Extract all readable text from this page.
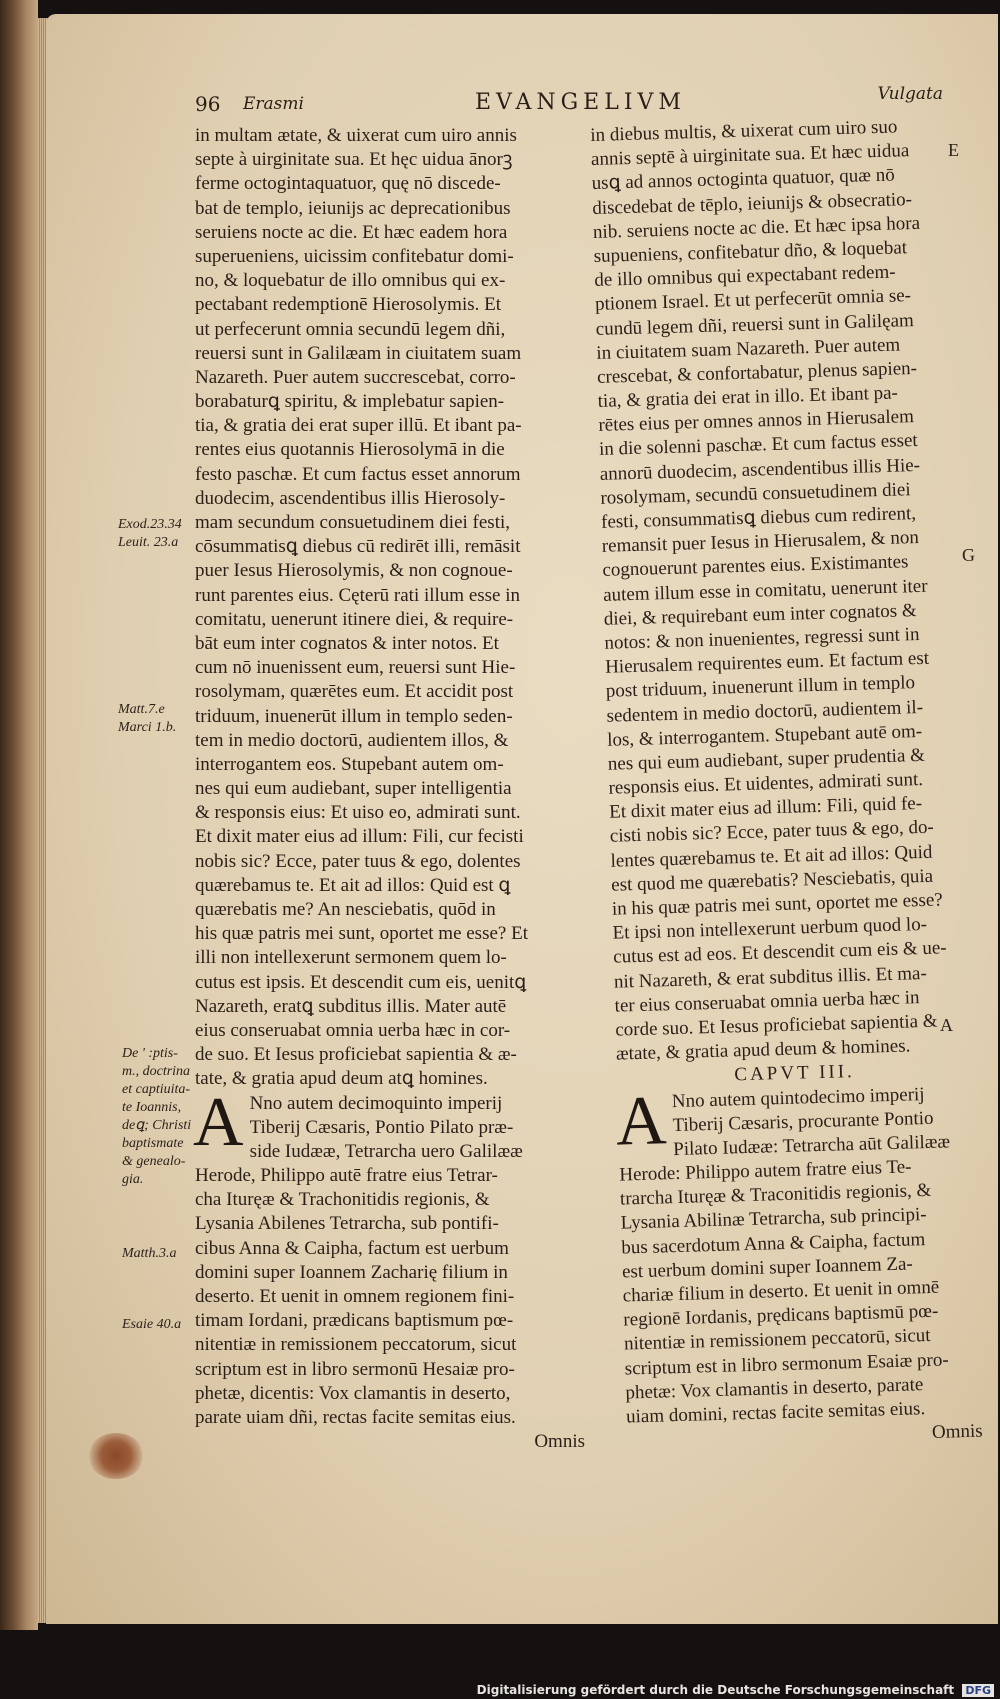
96 Erasmi	EVANGELIVM	Vulgata
in multam ætate, & uixerat cum uiro annis
septe à uirginitate sua. Et hęc uidua ānorꝫ
ferme octogintaquatuor, quę nō discede-
bat de templo, ieiunijs ac deprecationibus
seruiens nocte ac die. Et hæc eadem hora
superueniens, uicissim confitebatur domi-
no, & loquebatur de illo omnibus qui ex-
pectabant redemptionē Hierosolymis. Et
ut perfecerunt omnia secundū legem dñi,
reuersi sunt in Galilæam in ciuitatem suam
Nazareth. Puer autem succrescebat, corro-
borabaturꝗ spiritu, & implebatur sapien-
tia, & gratia dei erat super illū. Et ibant pa-
rentes eius quotannis Hierosolymā in die
festo paschæ. Et cum factus esset annorum
duodecim, ascendentibus illis Hierosoly-
mam secundum consuetudinem diei festi,
cōsummatisꝗ diebus cū redirēt illi, remāsit
puer Iesus Hierosolymis, & non cognoue-
runt parentes eius. Cęterū rati illum esse in
comitatu, uenerunt itinere diei, & require-
bāt eum inter cognatos & inter notos. Et
cum nō inuenissent eum, reuersi sunt Hie-
rosolymam, quærētes eum. Et accidit post
triduum, inuenerūt illum in templo seden-
tem in medio doctorū, audientem illos, &
interrogantem eos. Stupebant autem om-
nes qui eum audiebant, super intelligentia
& responsis eius: Et uiso eo, admirati sunt.
Et dixit mater eius ad illum: Fili, cur fecisti
nobis sic? Ecce, pater tuus & ego, dolentes
quærebamus te. Et ait ad illos: Quid est ꝗ
quærebatis me? An nesciebatis, quōd in
his quæ patris mei sunt, oportet me esse? Et
illi non intellexerunt sermonem quem lo-
cutus est ipsis. Et descendit cum eis, uenitꝗ
Nazareth, eratꝗ subditus illis. Mater autē
eius conseruabat omnia uerba hæc in cor-
de suo. Et Iesus proficiebat sapientia & æ-
tate, & gratia apud deum atꝗ homines.
A Nno autem decimoquinto imperij
Tiberij Cæsaris, Pontio Pilato præ-
side Iudææ, Tetrarcha uero Galilææ
Herode, Philippo autē fratre eius Tetrar-
cha Ituręæ & Trachonitidis regionis, &
Lysania Abilenes Tetrarcha, sub pontifi-
cibus Anna & Caipha, factum est uerbum
domini super Ioannem Zacharię filium in
deserto. Et uenit in omnem regionem fini-
timam Iordani, prædicans baptismum pœ-
nitentiæ in remissionem peccatorum, sicut
scriptum est in libro sermonū Hesaiæ pro-
phetæ, dicentis: Vox clamantis in deserto,
parate uiam dñi, rectas facite semitas eius.
Omnis
in diebus multis, & uixerat cum uiro suo
annis septē à uirginitate sua. Et hæc uidua
usꝗ ad annos octoginta quatuor, quæ nō
discedebat de tēplo, ieiunijs & obsecratio-
nib. seruiens nocte ac die. Et hæc ipsa hora
supueniens, confitebatur dño, & loquebat
de illo omnibus qui expectabant redem-
ptionem Israel. Et ut perfecerūt omnia se-
cundū legem dñi, reuersi sunt in Galilęam
in ciuitatem suam Nazareth. Puer autem
crescebat, & confortabatur, plenus sapien-
tia, & gratia dei erat in illo. Et ibant pa-
rētes eius per omnes annos in Hierusalem
in die solenni paschæ. Et cum factus esset
annorū duodecim, ascendentibus illis Hie-
rosolymam, secundū consuetudinem diei
festi, consummatisꝗ diebus cum redirent,
remansit puer Iesus in Hierusalem, & non
cognouerunt parentes eius. Existimantes
autem illum esse in comitatu, uenerunt iter
diei, & requirebant eum inter cognatos &
notos: & non inuenientes, regressi sunt in
Hierusalem requirentes eum. Et factum est
post triduum, inuenerunt illum in templo
sedentem in medio doctorū, audientem il-
los, & interrogantem. Stupebant autē om-
nes qui eum audiebant, super prudentia &
responsis eius. Et uidentes, admirati sunt.
Et dixit mater eius ad illum: Fili, quid fe-
cisti nobis sic? Ecce, pater tuus & ego, do-
lentes quærebamus te. Et ait ad illos: Quid
est quod me quærebatis? Nesciebatis, quia
in his quæ patris mei sunt, oportet me esse?
Et ipsi non intellexerunt uerbum quod lo-
cutus est ad eos. Et descendit cum eis & ue-
nit Nazareth, & erat subditus illis. Et ma-
ter eius conseruabat omnia uerba hæc in
corde suo. Et Iesus proficiebat sapientia &
ætate, & gratia apud deum & homines.
CAPVT III.
A Nno autem quintodecimo imperij
Tiberij Cæsaris, procurante Pontio
Pilato Iudææ: Tetrarcha aūt Galilææ
Herode: Philippo autem fratre eius Te-
trarcha Ituręæ & Traconitidis regionis, &
Lysania Abilinæ Tetrarcha, sub principi-
bus sacerdotum Anna & Caipha, factum
est uerbum domini super Ioannem Za-
chariæ filium in deserto. Et uenit in omnē
regionē Iordanis, prędicans baptismū pœ-
nitentiæ in remissionem peccatorū, sicut
scriptum est in libro sermonum Esaiæ pro-
phetæ: Vox clamantis in deserto, parate
uiam domini, rectas facite semitas eius.
Omnis
Exod.23.34
Leuit. 23.a
Matt.7.e
Marci 1.b.
De ' :ptis-
m., doctrina
et captiuita-
te Ioannis,
deꝗ; Christi
baptismate
& genealo-
gia.
Matth.3.a
Esaie 40.a
E
G
A
Digitalisierung gefördert durch die Deutsche Forschungsgemeinschaft DFG
